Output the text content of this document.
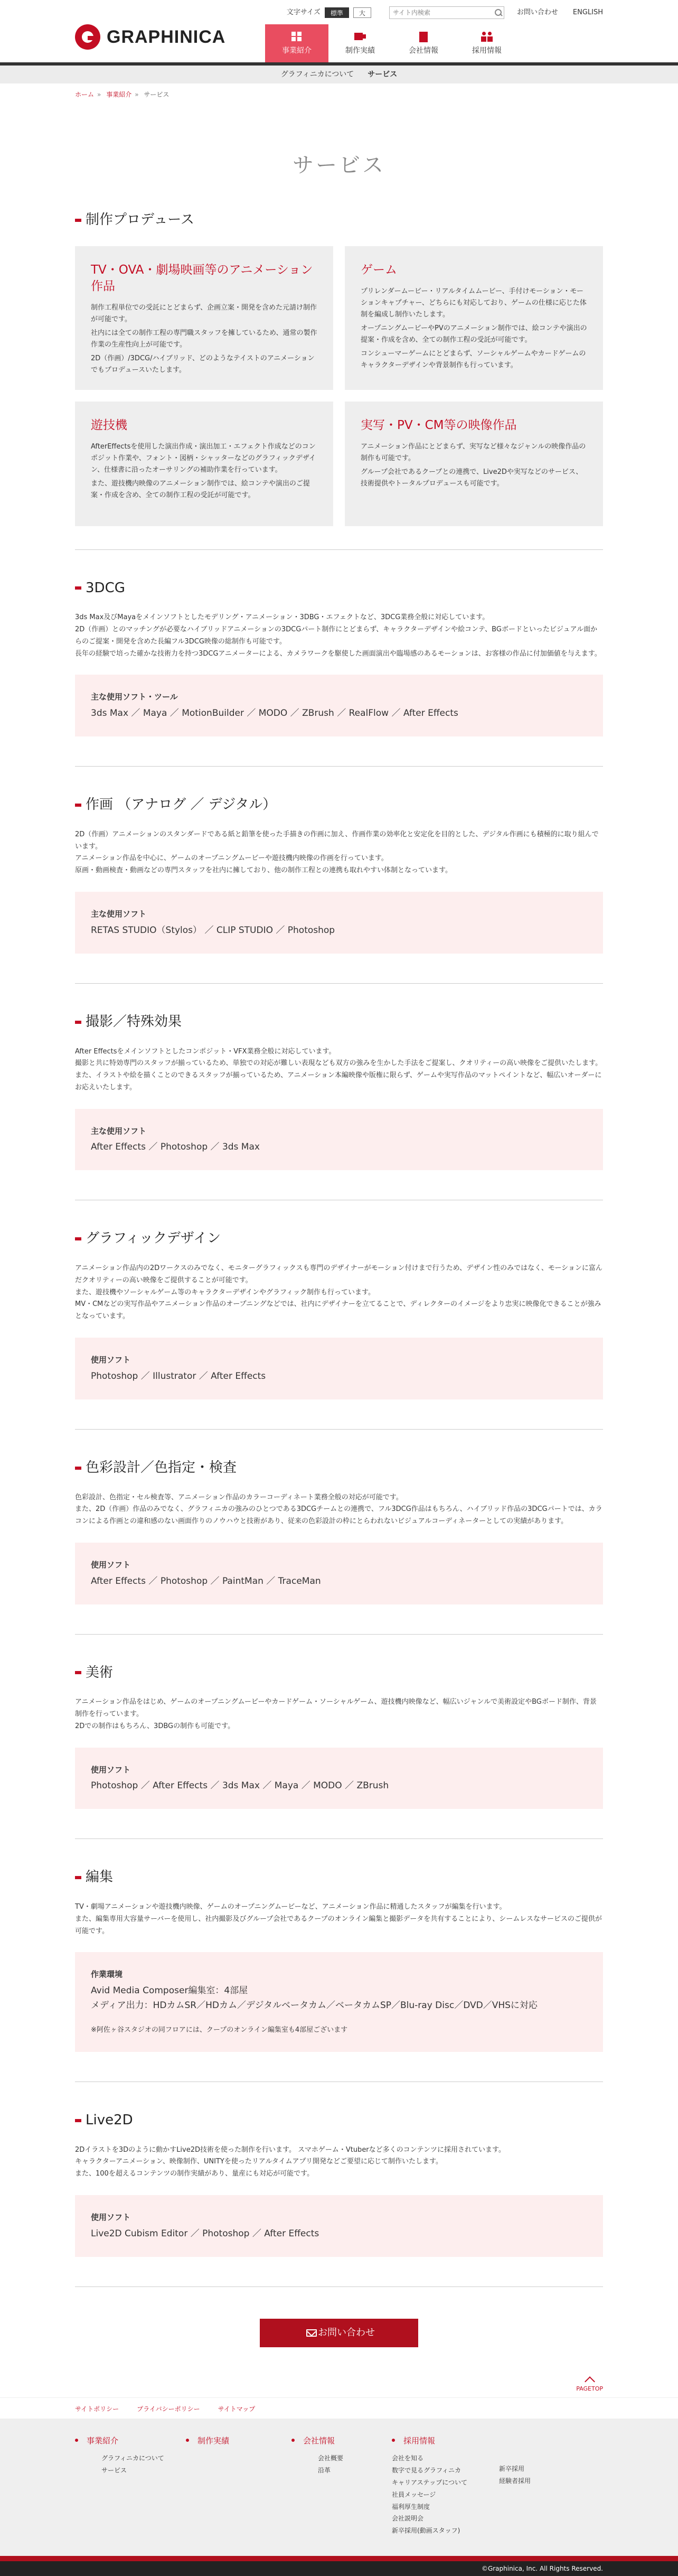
GRAPHINICA
文字サイズ	標準	大
サイト内検索	お問い合わせ ENGLISH
事業紹介	制作実績	会社情報	採用情報
グラフィニカについて サービス
ホーム » 事業紹介 » サービス
サービス
制作プロデュース
TV・OVA・劇場映画等のアニメーション作品

制作工程単位での受託にとどまらず、企画立案・開発を含めた元請け制作が可能です。

社内には全ての制作工程の専門職スタッフを擁しているため、通常の製作作業の生産性向上が可能です。

2D（作画）/3DCG/ハイブリッド、どのようなテイストのアニメーションでもプロデュースいたします。

ゲーム

プリレンダームービー・リアルタイムムービー、手付けモーション・モーションキャプチャー、どちらにも対応しており、ゲームの仕様に応じた体制を編成し制作いたします。

オープニングムービーやPVのアニメーション制作では、絵コンテや演出の提案・作成を含め、全ての制作工程の受託が可能です。

コンシューマーゲームにとどまらず、ソーシャルゲームやカードゲームのキャラクターデザインや背景制作も行っています。

遊技機

AfterEffectsを使用した演出作成・演出加工・エフェクト作成などのコンポジット作業や、フォント・図柄・シャッターなどのグラフィックデザイン、仕様書に沿ったオーサリングの補助作業を行っています。

また、遊技機内映像のアニメーション制作では、絵コンテや演出のご提案・作成を含め、全ての制作工程の受託が可能です。

実写・PV・CM等の映像作品

アニメーション作品にとどまらず、実写など様々なジャンルの映像作品の制作も可能です。

グループ会社であるクープとの連携で、Live2Dや実写などのサービス、技術提供やトータルプロデュースも可能です。

3DCG

3ds Max及びMayaをメインソフトとしたモデリング・アニメーション・3DBG・エフェクトなど、3DCG業務全般に対応しています。

2D（作画）とのマッチングが必要なハイブリッドアニメーションの3DCGパート制作にとどまらず、キャラクターデザインや絵コンテ、BGボードといったビジュアル面からのご提案・開発を含めた長編フル3DCG映像の総制作も可能です。

長年の経験で培った確かな技術力を持つ3DCGアニメーターによる、カメラワークを駆使した画面演出や臨場感のあるモーションは、お客様の作品に付加価値を与えます。

主な使用ソフト・ツール
3ds Max ／ Maya ／ MotionBuilder ／ MODO ／ ZBrush ／ RealFlow ／ After Effects
作画 （アナログ ／ デジタル）

2D（作画）アニメーションのスタンダードである紙と鉛筆を使った手描きの作画に加え、作画作業の効率化と安定化を目的とした、デジタル作画にも積極的に取り組んでいます。

アニメーション作品を中心に、ゲームのオープニングムービーや遊技機内映像の作画を行っています。

原画・動画検査・動画などの専門スタッフを社内に擁しており、他の制作工程との連携も取れやすい体制となっています。

主な使用ソフト
RETAS STUDIO（Stylos） ／ CLIP STUDIO ／ Photoshop
撮影／特殊効果

After Effectsをメインソフトとしたコンポジット・VFX業務全般に対応しています。

撮影と共に特効専門のスタッフが揃っているため、単独での対応が難しい表現なども双方の強みを生かした手法をご提案し、クオリティーの高い映像をご提供いたします。

また、イラストや絵を描くことのできるスタッフが揃っているため、アニメーション本編映像や版権に限らず、ゲームや実写作品のマットペイントなど、幅広いオーダーにお応えいたします。

主な使用ソフト
After Effects ／ Photoshop ／ 3ds Max
グラフィックデザイン

アニメーション作品内の2Dワークスのみでなく、モニターグラフィックスも専門のデザイナーがモーション付けまで行うため、デザイン性のみではなく、モーションに富んだクオリティーの高い映像をご提供することが可能です。

また、遊技機やソーシャルゲーム等のキャラクターデザインやグラフィック制作も行っています。

MV・CMなどの実写作品やアニメーション作品のオープニングなどでは、社内にデザイナーを立てることで、ディレクターのイメージをより忠実に映像化できることが強みとなっています。

使用ソフト
Photoshop ／ Illustrator ／ After Effects
色彩設計／色指定・検査

色彩設計、色指定・セル検査等、アニメーション作品のカラーコーディネート業務全般の対応が可能です。

また、2D（作画）作品のみでなく、グラフィニカの強みのひとつである3DCGチームとの連携で、フル3DCG作品はもちろん、ハイブリッド作品の3DCGパートでは、カラコンによる作画との違和感のない画面作りのノウハウと技術があり、従来の色彩設計の枠にとらわれないビジュアルコーディネーターとしての実績があります。

使用ソフト
After Effects ／ Photoshop ／ PaintMan ／ TraceMan
美術

アニメーション作品をはじめ、ゲームのオープニングムービーやカードゲーム・ソーシャルゲーム、遊技機内映像など、幅広いジャンルで美術設定やBGボード制作、背景制作を行っています。

2Dでの制作はもちろん、3DBGの制作も可能です。

使用ソフト
Photoshop ／ After Effects ／ 3ds Max ／ Maya ／ MODO ／ ZBrush
編集

TV・劇場アニメーションや遊技機内映像、ゲームのオープニングムービーなど、アニメーション作品に精通したスタッフが編集を行います。

また、編集専用大容量サーバーを使用し、社内撮影及びグループ会社であるクープのオンライン編集と撮影データを共有することにより、シームレスなサービスのご提供が可能です。

作業環境
Avid Media Composer編集室：4部屋
メディア出力：HDカムSR／HDカム／デジタルベータカム／ベータカムSP／Blu-ray Disc／DVD／VHSに対応
※阿佐ヶ谷スタジオの同フロアには、クープのオンライン編集室も4部屋ございます
Live2D

2Dイラストを3Dのように動かすLive2D技術を使った制作を行います。 スマホゲーム・Vtuberなど多くのコンテンツに採用されています。

キャラクターアニメーション、映像制作、UNITYを使ったリアルタイムアプリ開発などご要望に応じて制作いたします。

また、100を超えるコンテンツの制作実績があり、量産にも対応が可能です。

使用ソフト
Live2D Cubism Editor ／ Photoshop ／ After Effects
お問い合わせ
PAGETOP
サイトポリシー	プライバシーポリシー	サイトマップ
事業紹介
グラフィニカについて
サービス
制作実績	会社情報
会社概要
沿革
採用情報
会社を知る
数字で見るグラフィニカ
キャリアステップについて
社員メッセージ
福利厚生制度
会社説明会
新卒採用(動画スタッフ)
新卒採用
経験者採用
©Graphinica, Inc. All Rights Reserved.
